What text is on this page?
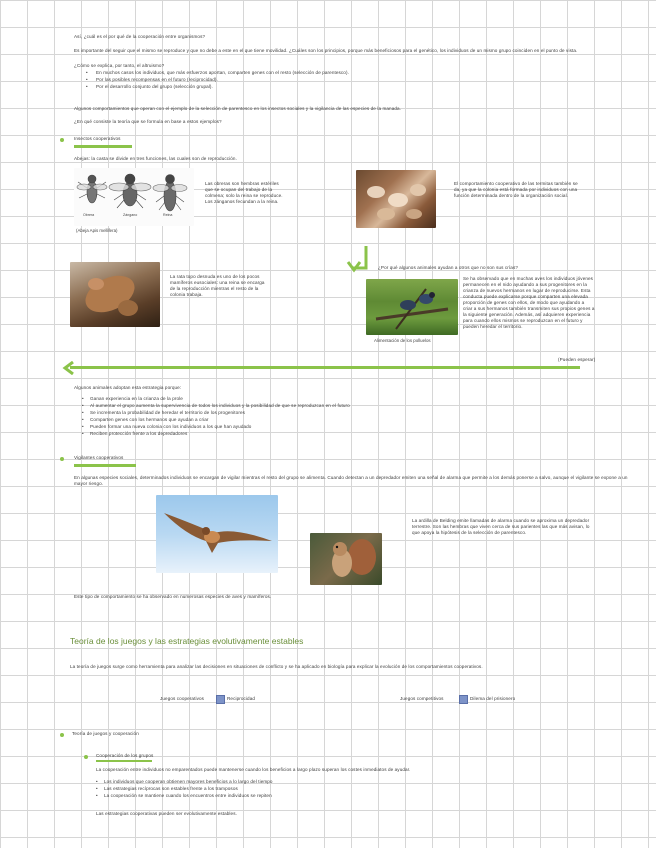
Así, ¿cuál es el por qué de la cooperación entre organismos?
Es importante del seguir que el mismo se reproduce y que no debe a este en el que tiene movilidad. ¿Cuáles son los principios, porque más beneficiosos para el genético, los individuos de un mismo grupo coinciden en el punto de vista.
¿Cómo se explica, por tanto, el altruismo?
• En muchos casos los individuos, que más esfuerzos aportan, comparten genes con el resto (selección de parentesco).
• Por las posibles recompensas en el futuro (reciprocidad).
• Por el desarrollo conjunto del grupo (selección grupal).
Algunos comportamientos que operan con el ejemplo de la selección de parentesco en los insectos sociales y la vigilancia de las especies de la manada.
¿En qué consiste la teoría que se formula en base a estos ejemplos?
Insectos cooperativos
Abejas: la casta se divide en tres funciones, las cuales son de reproducción.
Obrera	Zángano	Reina
(Abeja Apis mellifera)
Las obreras son hembras estériles que se ocupan del trabajo de la colmena; solo la reina se reproduce. Los zánganos fecundan a la reina.
El comportamiento cooperativo de las termitas también se da, ya que la colonia está formada por individuos con una función determinada dentro de la organización social.
La rata topo desnuda es uno de los pocos mamíferos eusociales: una reina se encarga de la reproducción mientras el resto de la colonia trabaja.
¿Por qué algunos animales ayudan a otros que no son sus crías?
Alimentación de los polluelos
Se ha observado que en muchas aves los individuos jóvenes permanecen en el nido ayudando a sus progenitores en la crianza de nuevos hermanos en lugar de reproducirse. Esta conducta puede explicarse porque comparten una elevada proporción de genes con ellos, de modo que ayudando a criar a sus hermanos también transmiten sus propios genes a la siguiente generación. Además, así adquieren experiencia para cuando ellos mismos se reproduzcan en el futuro y pueden heredar el territorio.
(Pueden esperar)
Algunos animales adoptan esta estrategia porque:
• Ganan experiencia en la crianza de la prole
• Al aumentar el grupo aumenta la supervivencia de todos los individuos y la posibilidad de que se reproduzcan en el futuro
• Se incrementa la probabilidad de heredar el territorio de los progenitores
• Comparten genes con los hermanos que ayudan a criar
• Pueden formar una nueva colonia con los individuos a los que han ayudado
• Reciben protección frente a los depredadores
Vigilantes cooperativos
En algunas especies sociales, determinados individuos se encargan de vigilar mientras el resto del grupo se alimenta. Cuando detectan a un depredador emiten una señal de alarma que permite a los demás ponerse a salvo, aunque el vigilante se expone a un mayor riesgo.
La ardilla de Belding emite llamadas de alarma cuando se aproxima un depredador terrestre. Son las hembras que viven cerca de sus parientes las que más avisan, lo que apoya la hipótesis de la selección de parentesco.
Este tipo de comportamiento se ha observado en numerosas especies de aves y mamíferos.
Teoría de los juegos y las estrategias evolutivamente estables
La teoría de juegos surge como herramienta para analizar las decisiones en situaciones de conflicto y se ha aplicado en biología para explicar la evolución de los comportamientos cooperativos.
Juegos cooperativos	Reciprocidad	Juegos competitivos	Dilema del prisionero
Teoría de juegos y cooperación
Cooperación de los grupos
La cooperación entre individuos no emparentados puede mantenerse cuando los beneficios a largo plazo superan los costes inmediatos de ayudar.
• Los individuos que cooperan obtienen mayores beneficios a lo largo del tiempo
• Las estrategias recíprocas son estables frente a los tramposos
• La cooperación se mantiene cuando los encuentros entre individuos se repiten
Las estrategias cooperativas pueden ser evolutivamente estables.
